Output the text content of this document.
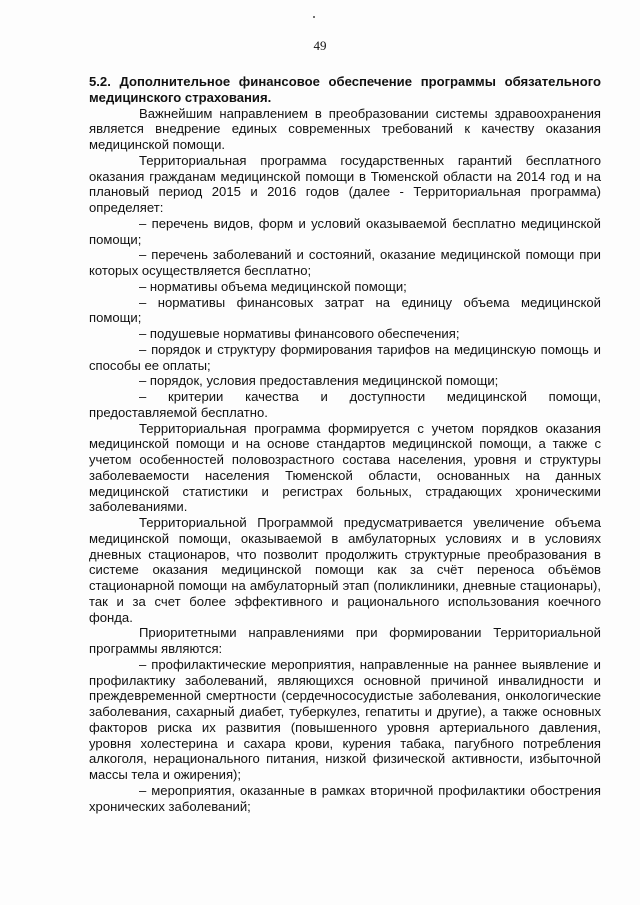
49

5.2. Дополнительное финансовое обеспечение программы обязательного медицинского страхования.

Важнейшим направлением в преобразовании системы здравоохранения является внедрение единых современных требований к качеству оказания медицинской помощи.

Территориальная программа государственных гарантий бесплатного оказания гражданам медицинской помощи в Тюменской области на 2014 год и на плановый период 2015 и 2016 годов (далее - Территориальная программа) определяет:

– перечень видов, форм и условий оказываемой бесплатно медицинской помощи;

– перечень заболеваний и состояний, оказание медицинской помощи при которых осуществляется бесплатно;

– нормативы объема медицинской помощи;

– нормативы финансовых затрат на единицу объема медицинской помощи;

– подушевые нормативы финансового обеспечения;

– порядок и структуру формирования тарифов на медицинскую помощь и способы ее оплаты;

– порядок, условия предоставления медицинской помощи;

– критерии качества и доступности медицинской помощи, предоставляемой бесплатно.

Территориальная программа формируется с учетом порядков оказания медицинской помощи и на основе стандартов медицинской помощи, а также с учетом особенностей половозрастного состава населения, уровня и структуры заболеваемости населения Тюменской области, основанных на данных медицинской статистики и регистрах больных, страдающих хроническими заболеваниями.

Территориальной Программой предусматривается увеличение объема медицинской помощи, оказываемой в амбулаторных условиях и в условиях дневных стационаров, что позволит продолжить структурные преобразования в системе оказания медицинской помощи как за счёт переноса объёмов стационарной помощи на амбулаторный этап (поликлиники, дневные стационары), так и за счет более эффективного и рационального использования коечного фонда.

Приоритетными направлениями при формировании Территориальной программы являются:

– профилактические мероприятия, направленные на раннее выявление и профилактику заболеваний, являющихся основной причиной инвалидности и преждевременной смертности (сердечнососудистые заболевания, онкологические заболевания, сахарный диабет, туберкулез, гепатиты и другие), а также основных факторов риска их развития (повышенного уровня артериального давления, уровня холестерина и сахара крови, курения табака, пагубного потребления алкоголя, нерационального питания, низкой физической активности, избыточной массы тела и ожирения);

– мероприятия, оказанные в рамках вторичной профилактики обострения хронических заболеваний;
